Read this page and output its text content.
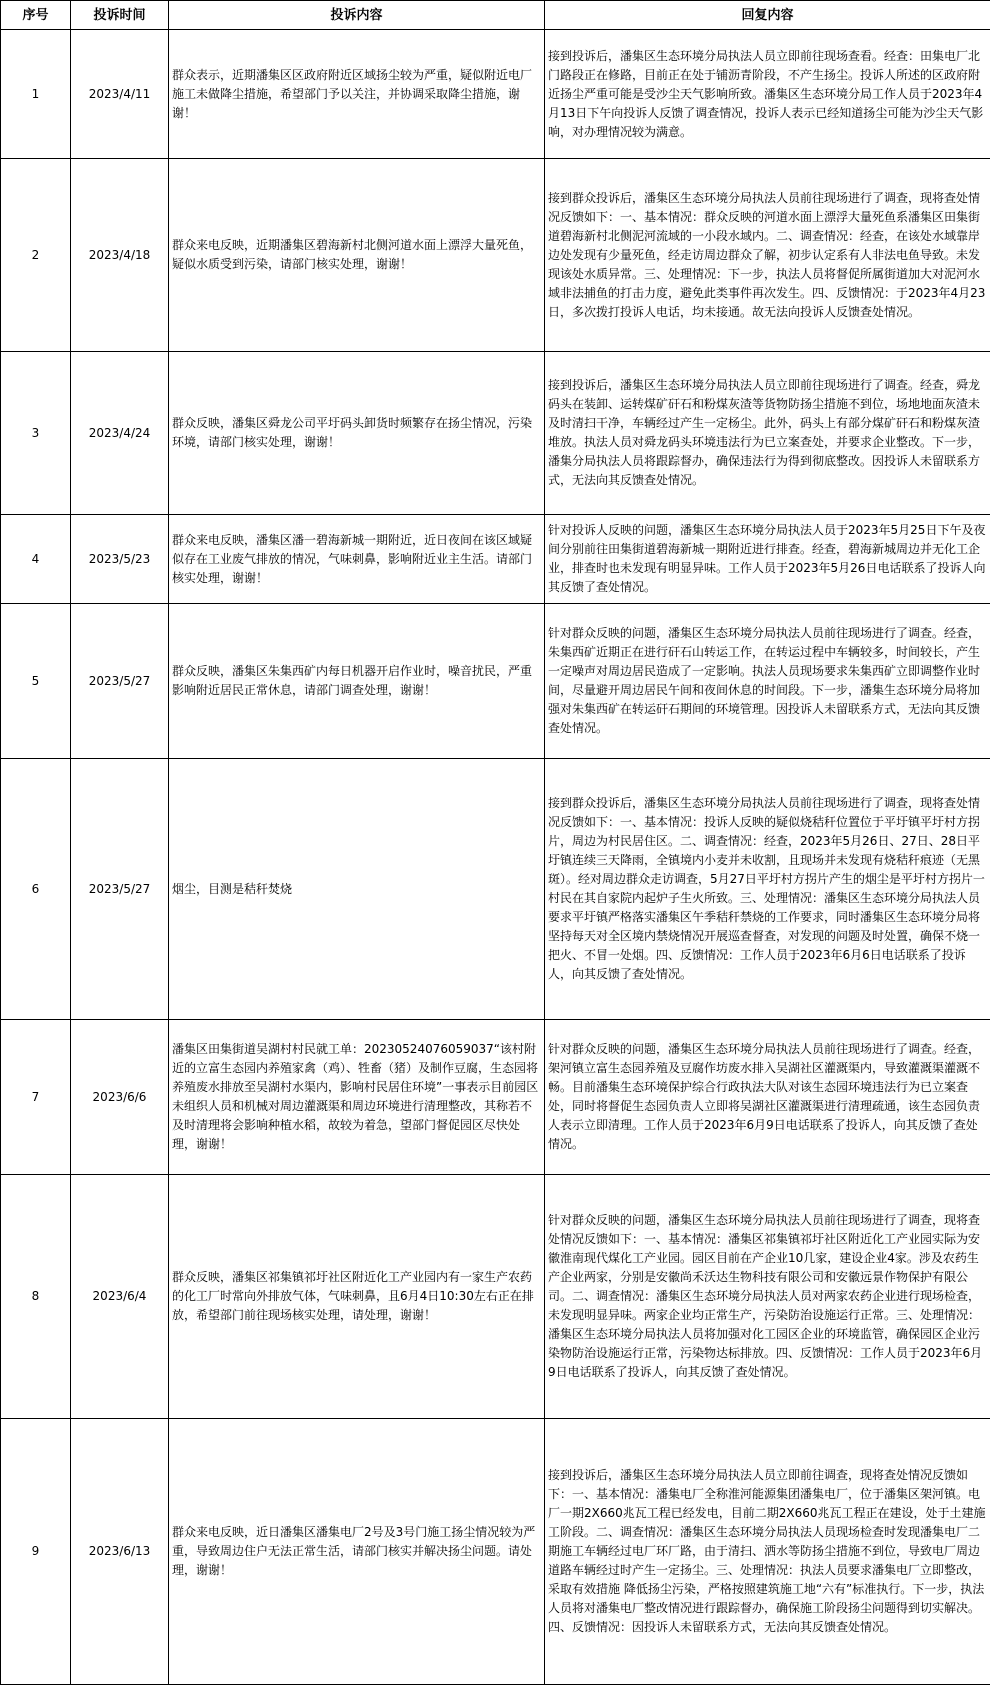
序号	投诉时间	投诉内容	回复内容
1	2023/4/11	群众表示，近期潘集区区政府附近区域扬尘较为严重，疑似附近电厂施工未做降尘措施，希望部门予以关注，并协调采取降尘措施，谢谢！	接到投诉后，潘集区生态环境分局执法人员立即前往现场查看。经查：田集电厂北门路段正在修路，目前正在处于铺沥青阶段，不产生扬尘。投诉人所述的区政府附近扬尘严重可能是受沙尘天气影响所致。潘集区生态环境分局工作人员于2023年4月13日下午向投诉人反馈了调查情况，投诉人表示已经知道扬尘可能为沙尘天气影响，对办理情况较为满意。
2	2023/4/18	群众来电反映，近期潘集区碧海新村北侧河道水面上漂浮大量死鱼，疑似水质受到污染，请部门核实处理，谢谢！	接到群众投诉后，潘集区生态环境分局执法人员前往现场进行了调查，现将查处情况反馈如下：一、基本情况：群众反映的河道水面上漂浮大量死鱼系潘集区田集街道碧海新村北侧泥河流域的一小段水域内。二、调查情况：经查，在该处水域靠岸边处发现有少量死鱼，经走访周边群众了解，初步认定系有人非法电鱼导致。未发现该处水质异常。三、处理情况：下一步，执法人员将督促所属街道加大对泥河水域非法捕鱼的打击力度，避免此类事件再次发生。四、反馈情况：于2023年4月23日，多次拨打投诉人电话，均未接通。故无法向投诉人反馈查处情况。
3	2023/4/24	群众反映，潘集区舜龙公司平圩码头卸货时频繁存在扬尘情况，污染环境，请部门核实处理，谢谢！	接到投诉后，潘集区生态环境分局执法人员立即前往现场进行了调查。经查，舜龙码头在装卸、运转煤矿矸石和粉煤灰渣等货物防扬尘措施不到位，场地地面灰渣未及时清扫干净，车辆经过产生一定杨尘。此外，码头上有部分煤矿矸石和粉煤灰渣堆放。执法人员对舜龙码头环境违法行为已立案查处，并要求企业整改。下一步，潘集分局执法人员将跟踪督办，确保违法行为得到彻底整改。因投诉人未留联系方式，无法向其反馈查处情况。
4	2023/5/23	群众来电反映，潘集区潘一碧海新城一期附近，近日夜间在该区域疑似存在工业废气排放的情况，气味刺鼻，影响附近业主生活。请部门核实处理，谢谢！	针对投诉人反映的问题，潘集区生态环境分局执法人员于2023年5月25日下午及夜间分别前往田集街道碧海新城一期附近进行排查。经查，碧海新城周边并无化工企业，排查时也未发现有明显异味。工作人员于2023年5月26日电话联系了投诉人向其反馈了查处情况。
5	2023/5/27	群众反映，潘集区朱集西矿内每日机器开启作业时，噪音扰民，严重影响附近居民正常休息，请部门调查处理，谢谢！	针对群众反映的问题，潘集区生态环境分局执法人员前往现场进行了调查。经查，朱集西矿近期正在进行矸石山转运工作，在转运过程中车辆较多，时间较长，产生一定噪声对周边居民造成了一定影响。执法人员现场要求朱集西矿立即调整作业时间，尽量避开周边居民午间和夜间休息的时间段。下一步，潘集生态环境分局将加强对朱集西矿在转运矸石期间的环境管理。因投诉人未留联系方式，无法向其反馈查处情况。
6	2023/5/27	烟尘，目测是秸秆焚烧	接到群众投诉后，潘集区生态环境分局执法人员前往现场进行了调查，现将查处情况反馈如下：一、基本情况：投诉人反映的疑似烧秸秆位置位于平圩镇平圩村方拐片，周边为村民居住区。二、调查情况：经查，2023年5月26日、27日、28日平圩镇连续三天降雨，全镇境内小麦并未收割，且现场并未发现有烧秸秆痕迹（无黑斑）。经对周边群众走访调查，5月27日平圩村方拐片产生的烟尘是平圩村方拐片一村民在其自家院内起炉子生火所致。三、处理情况：潘集区生态环境分局执法人员要求平圩镇严格落实潘集区午季秸秆禁烧的工作要求，同时潘集区生态环境分局将坚持每天对全区境内禁烧情况开展巡查督查，对发现的问题及时处置，确保不烧一把火、不冒一处烟。四、反馈情况：工作人员于2023年6月6日电话联系了投诉人，向其反馈了查处情况。
7	2023/6/6	潘集区田集街道吴湖村村民就工单：20230524076059037“该村附近的立富生态园内养殖家禽（鸡）、牲畜（猪）及制作豆腐，生态园将养殖废水排放至吴湖村水渠内，影响村民居住环境”一事表示目前园区未组织人员和机械对周边灌溉渠和周边环境进行清理整改，其称若不及时清理将会影响种植水稻，故较为着急，望部门督促园区尽快处理，谢谢！	针对群众反映的问题，潘集区生态环境分局执法人员前往现场进行了调查。经查，架河镇立富生态园养殖及豆腐作坊废水排入吴湖社区灌溉渠内，导致灌溉渠灌溉不畅。目前潘集生态环境保护综合行政执法大队对该生态园环境违法行为已立案查处，同时将督促生态园负责人立即将吴湖社区灌溉渠进行清理疏通，该生态园负责人表示立即清理。工作人员于2023年6月9日电话联系了投诉人，向其反馈了查处情况。
8	2023/6/4	群众反映，潘集区祁集镇祁圩社区附近化工产业园内有一家生产农药的化工厂时常向外排放气体，气味刺鼻，且6月4日10:30左右正在排放，希望部门前往现场核实处理，请处理，谢谢！	针对群众反映的问题，潘集区生态环境分局执法人员前往现场进行了调查，现将查处情况反馈如下：一、基本情况：潘集区祁集镇祁圩社区附近化工产业园实际为安徽淮南现代煤化工产业园。园区目前在产企业10几家，建设企业4家。涉及农药生产企业两家，分别是安徽尚禾沃达生物科技有限公司和安徽远景作物保护有限公司。二、调查情况：潘集区生态环境分局执法人员对两家农药企业进行现场检查，未发现明显异味。两家企业均正常生产，污染防治设施运行正常。三、处理情况：潘集区生态环境分局执法人员将加强对化工园区企业的环境监管，确保园区企业污染物防治设施运行正常，污染物达标排放。四、反馈情况：工作人员于2023年6月9日电话联系了投诉人，向其反馈了查处情况。
9	2023/6/13	群众来电反映，近日潘集区潘集电厂2号及3号门施工扬尘情况较为严重，导致周边住户无法正常生活，请部门核实并解决扬尘问题。请处理，谢谢！	接到投诉后，潘集区生态环境分局执法人员立即前往调查，现将查处情况反馈如下：一、基本情况：潘集电厂全称淮河能源集团潘集电厂，位于潘集区架河镇。电厂一期2X660兆瓦工程已经发电，目前二期2X660兆瓦工程正在建设，处于土建施工阶段。二、调查情况：潘集区生态环境分局执法人员现场检查时发现潘集电厂二期施工车辆经过电厂环厂路，由于清扫、洒水等防扬尘措施不到位，导致电厂周边 道路车辆经过时产生一定扬尘。三、处理情况：执法人员要求潘集电厂立即整改，采取有效措施 降低扬尘污染，严格按照建筑施工地“六有”标准执行。下一步，执法人员将对潘集电厂整改情况进行跟踪督办，确保施工阶段扬尘问题得到切实解决。四、反馈情况：因投诉人未留联系方式，无法向其反馈查处情况。
